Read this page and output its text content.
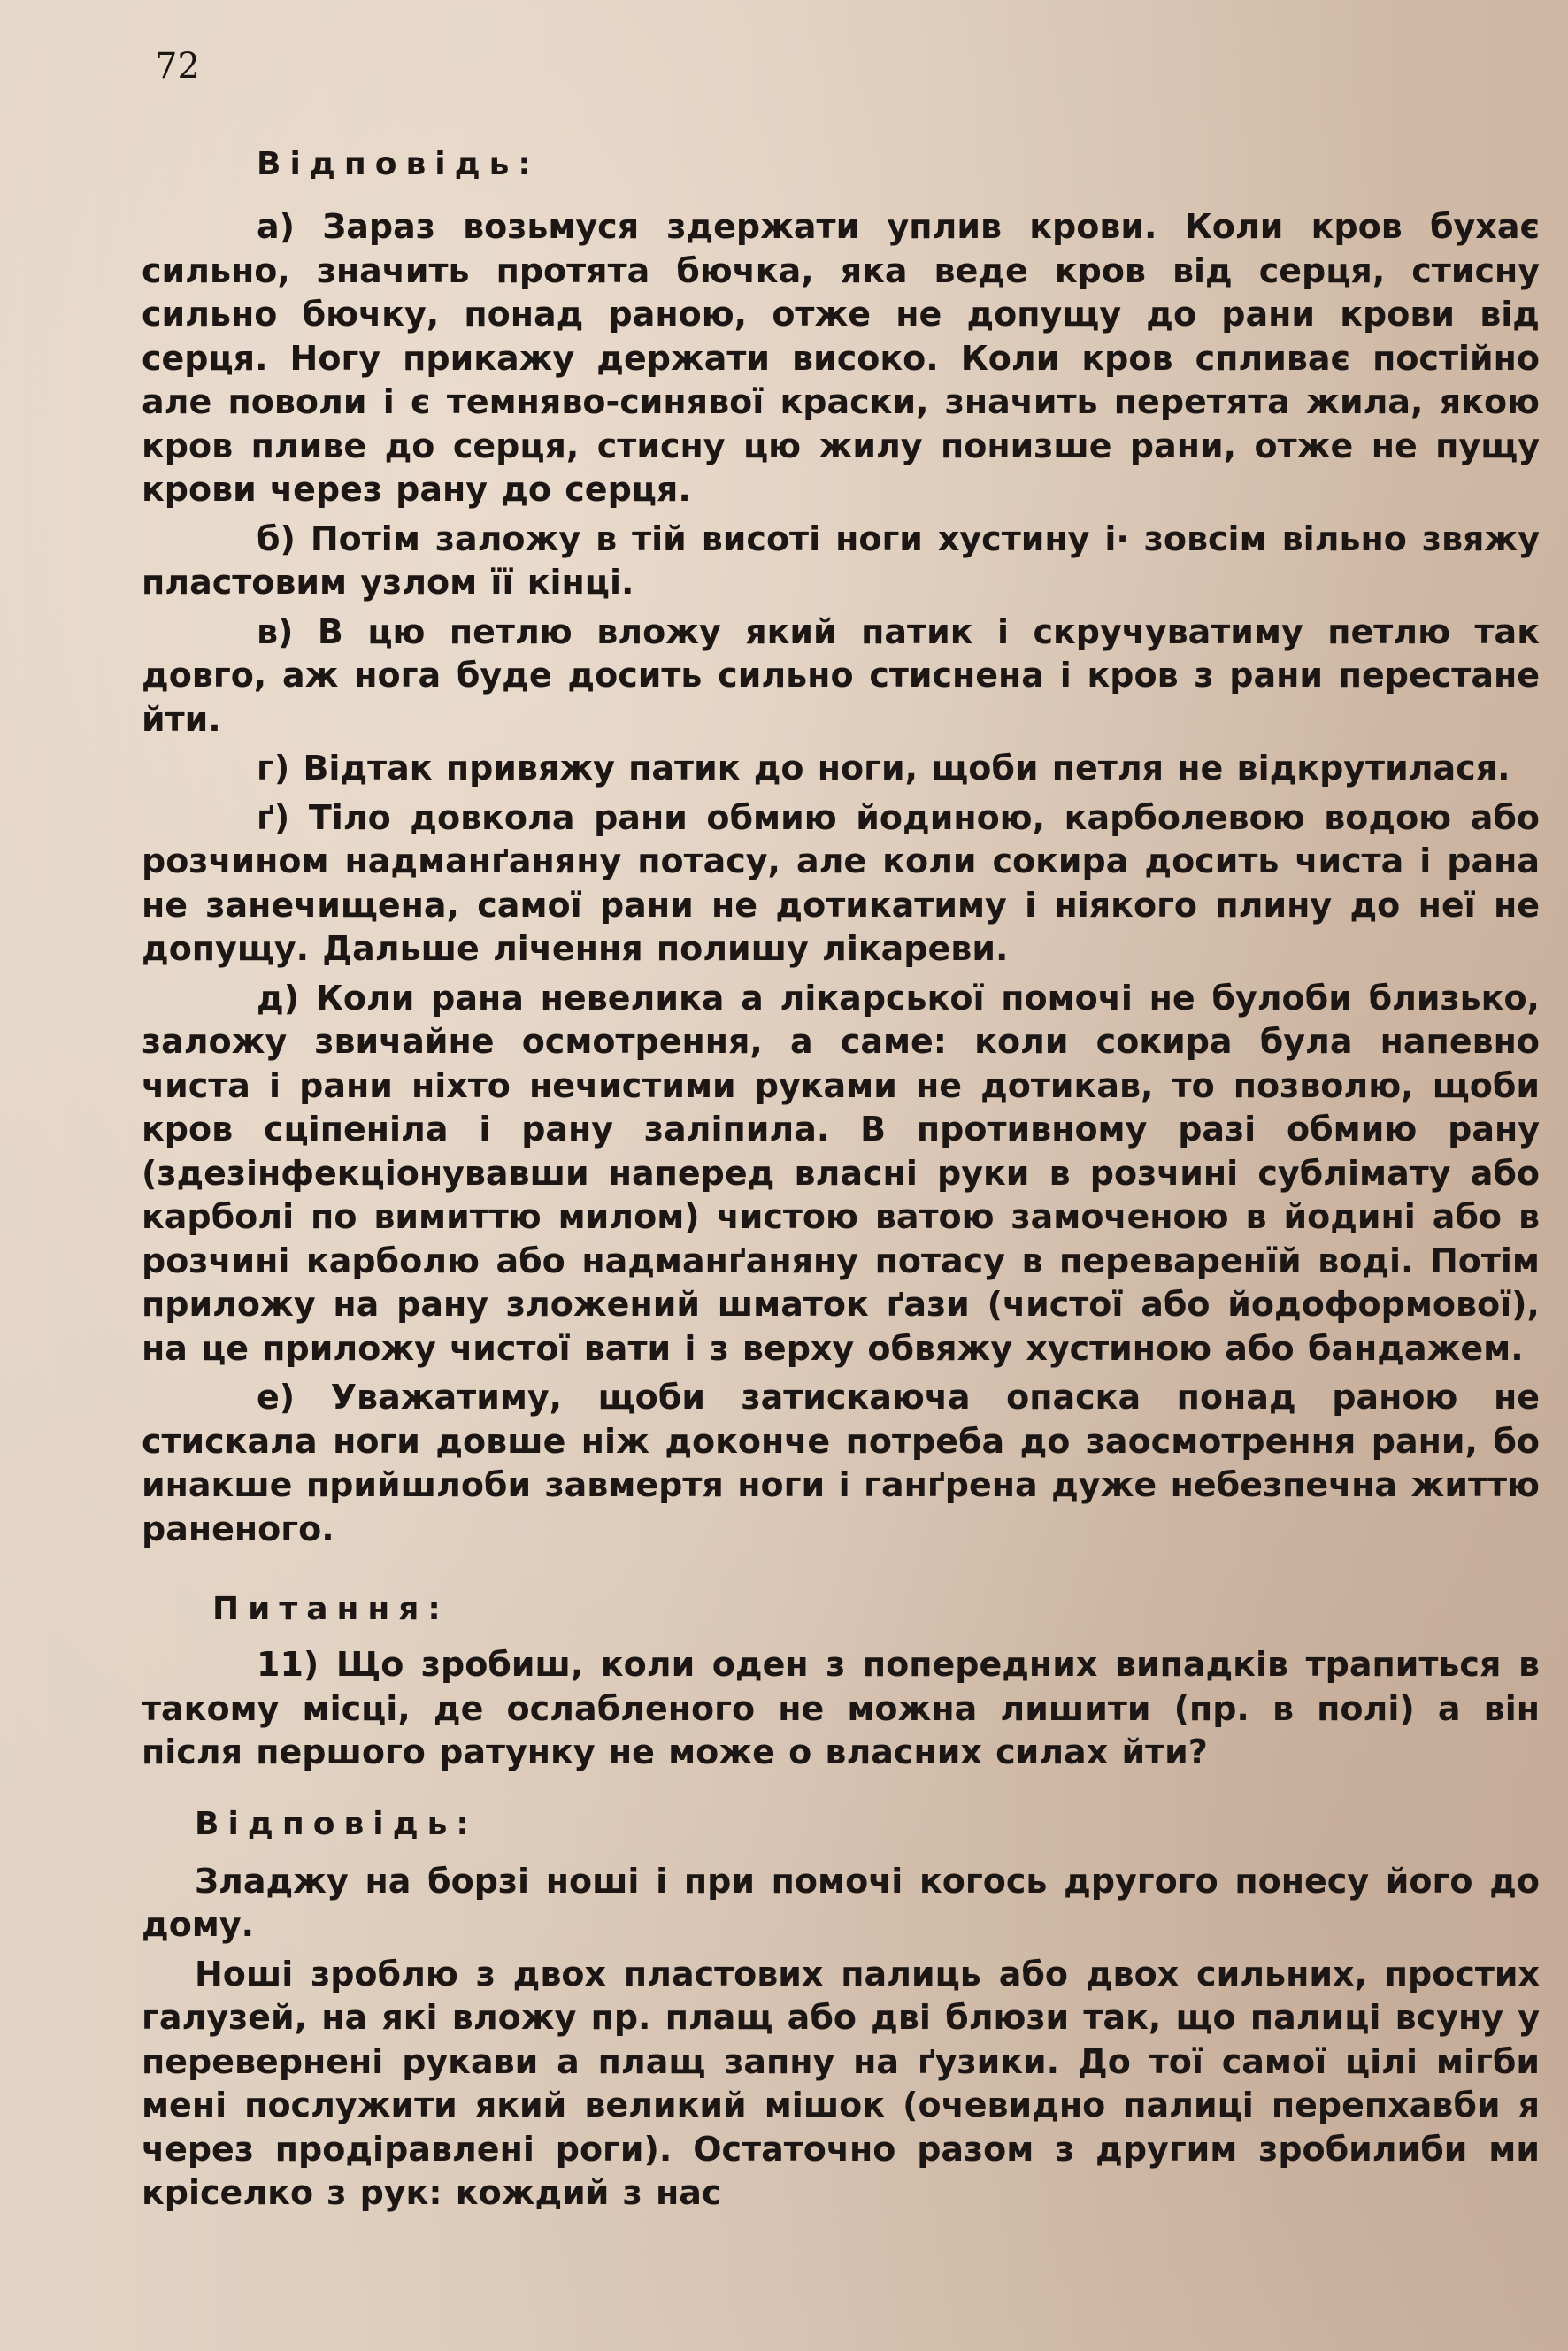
72
Відповідь:

а) Зараз возьмуся здержати уплив крови. Коли кров бухає сильно, значить протята бючка, яка веде кров від серця, стисну сильно бючку, понад раною, отже не допущу до рани крови від серця. Ногу прикажу держати високо. Коли кров спливає постійно але поволи і є темняво-синявої краски, значить перетята жила, якою кров пливе до серця, стисну цю жилу понизше рани, отже не пущу крови через рану до серця.

б) Потім заложу в тій висоті ноги хустину і· зовсім вільно звяжу пластовим узлом її кінці.

в) В цю петлю вложу який патик і скручуватиму петлю так довго, аж нога буде досить сильно стиснена і кров з рани перестане йти.

г) Відтак привяжу патик до ноги, щоби петля не відкрутилася.

ґ) Тіло довкола рани обмию йодиною, карболевою водою або розчином надманґаняну потасу, але коли сокира досить чиста і рана не занечищена, самої рани не дотикатиму і ніякого плину до неї не допущу. Дальше лічення полишу лікареви.

д) Коли рана невелика а лікарської помочі не булоби близько, заложу звичайне осмотрення, а саме: коли сокира була напевно чиста і рани ніхто нечистими руками не дотикав, то позволю, щоби кров сціпеніла і рану заліпила. В противному разі обмию рану (здезінфекціонувавши наперед власні руки в розчині сублімату або карболі по вимиттю милом) чистою ватою замоченою в йодині або в розчині карболю або надманґаняну потасу в переваренїй воді. Потім приложу на рану зложений шматок ґази (чистої або йодоформової), на це приложу чистої вати і з верху обвяжу хустиною або бандажем.

е) Уважатиму, щоби затискаюча опаска понад раною не стискала ноги довше ніж доконче потреба до заосмотрення рани, бо инакше прийшлоби завмертя ноги і ганґрена дуже небезпечна життю раненого.

Питання:

11) Що зробиш, коли оден з попередних випадків трапиться в такому місці, де ослабленого не можна лишити (пр. в полі) а він після першого ратунку не може о власних силах йти?

Відповідь:

Зладжу на борзі ноші і при помочі когось другого понесу його до дому.

Ноші зроблю з двох пластових палиць або двох сильних, простих галузей, на які вложу пр. плащ або дві блюзи так, що палиці всуну у перевернені рукави а плащ запну на ґузики. До тої самої цілі мігби мені послужити який великий мішок (очевидно палиці перепхавби я через продіравлені роги). Остаточно разом з другим зробилиби ми кріселко з рук: кождий з нас
